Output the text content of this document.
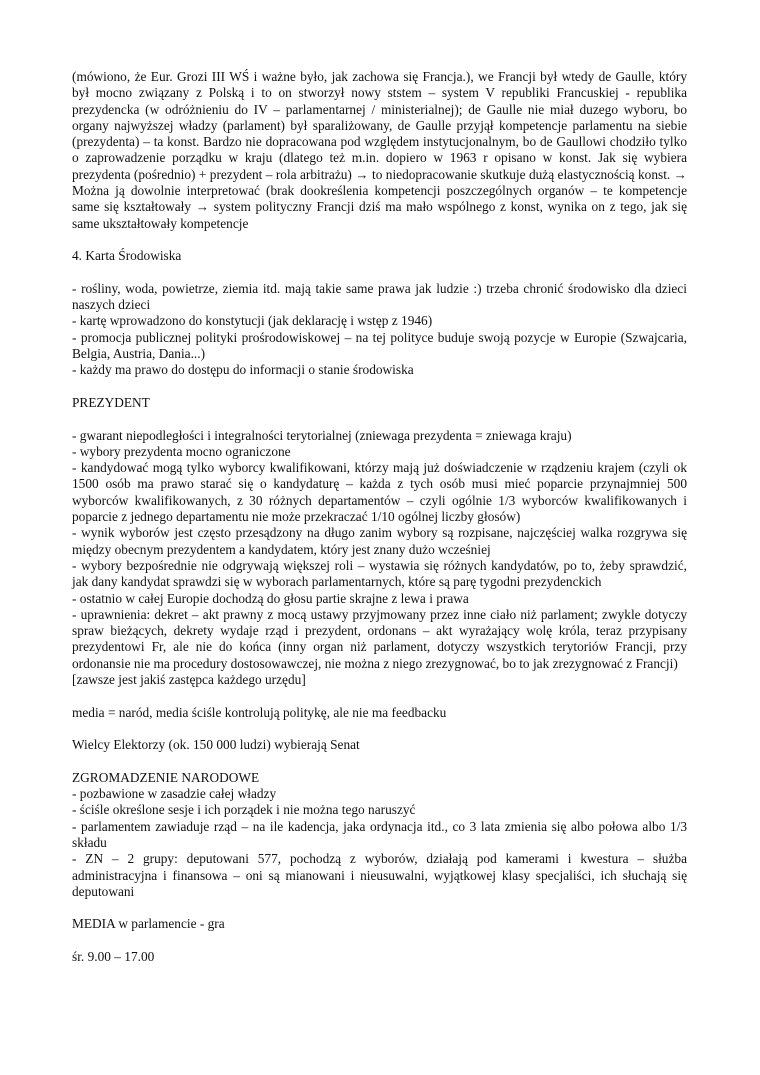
(mówiono, że Eur. Grozi III WŚ i ważne było, jak zachowa się Francja.), we Francji był wtedy de Gaulle, który był mocno związany z Polską i to on stworzył nowy ststem – system V republiki Francuskiej - republika prezydencka (w odróżnieniu do IV – parlamentarnej / ministerialnej); de Gaulle nie miał duzego wyboru, bo organy najwyższej władzy (parlament) był sparaliżowany, de Gaulle przyjął kompetencje parlamentu na siebie (prezydenta) – ta konst. Bardzo nie dopracowana pod względem instytucjonalnym, bo de Gaullowi chodziło tylko o zaprowadzenie porządku w kraju (dlatego też m.in. dopiero w 1963 r opisano w konst. Jak się wybiera prezydenta (pośrednio) + prezydent – rola arbitrażu) → to niedopracowanie skutkuje dużą elastycznością konst. → Można ją dowolnie interpretować (brak dookreślenia kompetencji poszczególnych organów – te kompetencje same się kształtowały → system polityczny Francji dziś ma mało wspólnego z konst, wynika on z tego, jak się same ukształtowały kompetencje

4. Karta Środowiska

- rośliny, woda, powietrze, ziemia itd. mają takie same prawa jak ludzie :) trzeba chronić środowisko dla dzieci naszych dzieci

- kartę wprowadzono do konstytucji (jak deklarację i wstęp z 1946)

- promocja publicznej polityki prośrodowiskowej – na tej polityce buduje swoją pozycje w Europie (Szwajcaria, Belgia, Austria, Dania...)

- każdy ma prawo do dostępu do informacji o stanie środowiska

PREZYDENT

- gwarant niepodległości i integralności terytorialnej (zniewaga prezydenta = zniewaga kraju)

- wybory prezydenta mocno ograniczone

- kandydować mogą tylko wyborcy kwalifikowani, którzy mają już doświadczenie w rządzeniu krajem (czyli ok 1500 osób ma prawo starać się o kandydaturę – każda z tych osób musi mieć poparcie przynajmniej 500 wyborców kwalifikowanych, z 30 różnych departamentów – czyli ogólnie 1/3 wyborców kwalifikowanych i poparcie z jednego departamentu nie może przekraczać 1/10 ogólnej liczby głosów)

- wynik wyborów jest często przesądzony na długo zanim wybory są rozpisane, najczęściej walka rozgrywa się między obecnym prezydentem a kandydatem, który jest znany dużo wcześniej

- wybory bezpośrednie nie odgrywają większej roli – wystawia się różnych kandydatów, po to, żeby sprawdzić, jak dany kandydat sprawdzi się w wyborach parlamentarnych, które są parę tygodni prezydenckich

- ostatnio w całej Europie dochodzą do głosu partie skrajne z lewa i prawa

- uprawnienia: dekret – akt prawny z mocą ustawy przyjmowany przez inne ciało niż parlament; zwykle dotyczy spraw bieżących, dekrety wydaje rząd i prezydent, ordonans – akt wyrażający wolę króla, teraz przypisany prezydentowi Fr, ale nie do końca (inny organ niż parlament, dotyczy wszystkich terytoriów Francji, przy ordonansie nie ma procedury dostosowawczej, nie można z niego zrezygnować, bo to jak zrezygnować z Francji)

[zawsze jest jakiś zastępca każdego urzędu]

media = naród, media ściśle kontrolują politykę, ale nie ma feedbacku

Wielcy Elektorzy (ok. 150 000 ludzi) wybierają Senat

ZGROMADZENIE NARODOWE

- pozbawione w zasadzie całej władzy

- ściśle określone sesje i ich porządek i nie można tego naruszyć

- parlamentem zawiaduje rząd – na ile kadencja, jaka ordynacja itd., co 3 lata zmienia się albo połowa albo 1/3 składu

- ZN – 2 grupy: deputowani 577, pochodzą z wyborów, działają pod kamerami i kwestura – służba administracyjna i finansowa – oni są mianowani i nieusuwalni, wyjątkowej klasy specjaliści, ich słuchają się deputowani

MEDIA w parlamencie - gra

śr. 9.00 – 17.00
